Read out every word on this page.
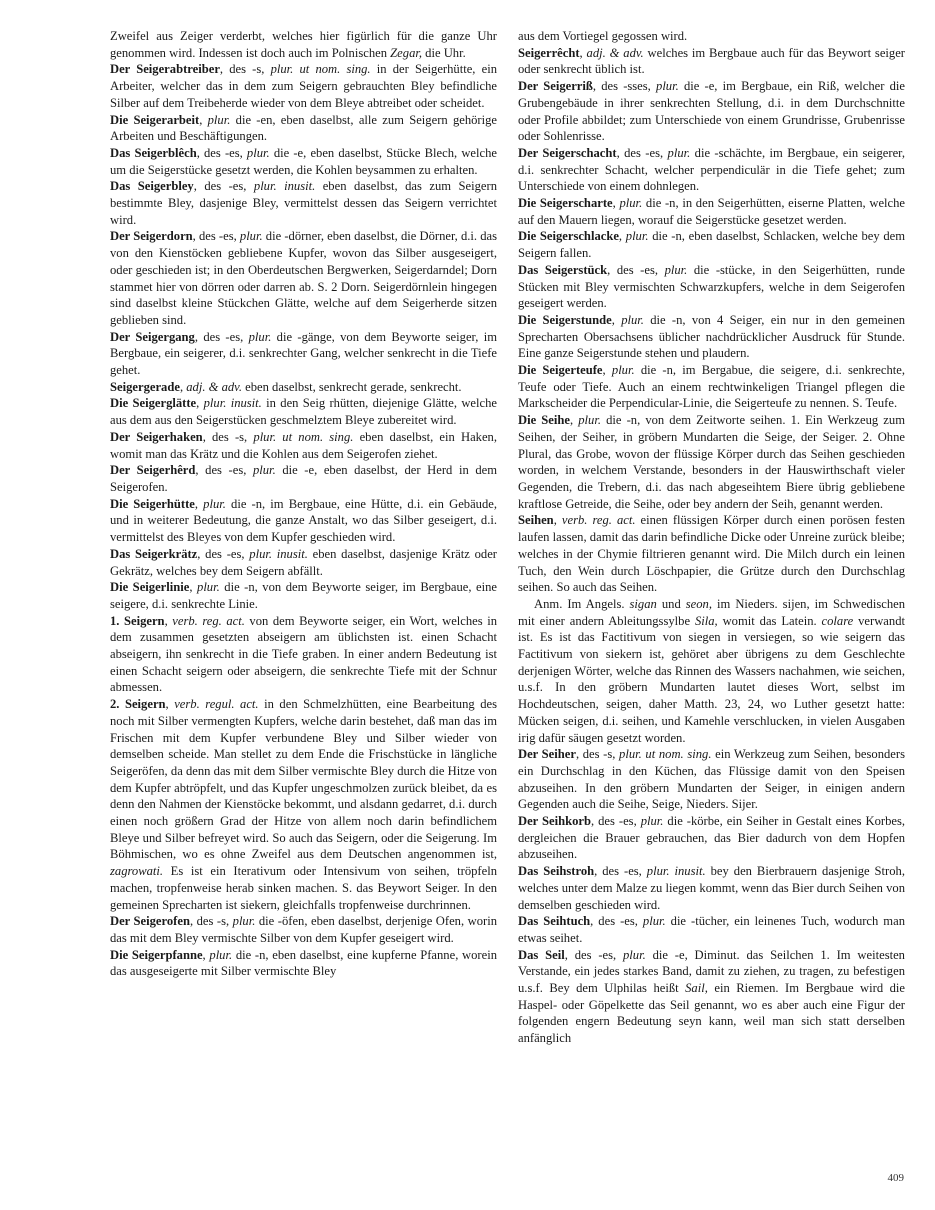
Zweifel aus Zeiger verderbt, welches hier figürlich für die ganze Uhr genommen wird. Indessen ist doch auch im Polnischen Zegar, die Uhr.

Der Seigerabtreiber, des -s, plur. ut nom. sing. in der Seigerhütte, ein Arbeiter, welcher das in dem zum Seigern gebrauchten Bley befindliche Silber auf dem Treibeherde wieder von dem Bleye abtreibet oder scheidet.

Die Seigerarbeit, plur. die -en, eben daselbst, alle zum Seigern gehörige Arbeiten und Beschäftigungen.

Das Seigerblêch, des -es, plur. die -e, eben daselbst, Stücke Blech, welche um die Seigerstücke gesetzt werden, die Kohlen beysammen zu erhalten.

Das Seigerbley, des -es, plur. inusit. eben daselbst, das zum Seigern bestimmte Bley, dasjenige Bley, vermittelst dessen das Seigern verrichtet wird.

Der Seigerdorn, des -es, plur. die -dörner, eben daselbst, die Dörner, d.i. das von den Kienstöcken gebliebene Kupfer, wovon das Silber ausgeseigert, oder geschieden ist; in den Oberdeutschen Bergwerken, Seigerdarndel; Dorn stammet hier von dörren oder darren ab. S. 2 Dorn. Seigerdörnlein hingegen sind daselbst kleine Stückchen Glätte, welche auf dem Seigerherde sitzen geblieben sind.

Der Seigergang, des -es, plur. die -gänge, von dem Beyworte seiger, im Bergbaue, ein seigerer, d.i. senkrechter Gang, welcher senkrecht in die Tiefe gehet.

Seigergerade, adj. & adv. eben daselbst, senkrecht gerade, senkrecht.

Die Seigerglätte, plur. inusit. in den Seig rhütten, diejenige Glätte, welche aus dem aus den Seigerstücken geschmelztem Bleye zubereitet wird.

Der Seigerhaken, des -s, plur. ut nom. sing. eben daselbst, ein Haken, womit man das Krätz und die Kohlen aus dem Seigerofen ziehet.

Der Seigerhêrd, des -es, plur. die -e, eben daselbst, der Herd in dem Seigerofen.

Die Seigerhütte, plur. die -n, im Bergbaue, eine Hütte, d.i. ein Gebäude, und in weiterer Bedeutung, die ganze Anstalt, wo das Silber geseigert, d.i. vermittelst des Bleyes von dem Kupfer geschieden wird.

Das Seigerkrätz, des -es, plur. inusit. eben daselbst, dasjenige Krätz oder Gekrätz, welches bey dem Seigern abfällt.

Die Seigerlinie, plur. die -n, von dem Beyworte seiger, im Bergbaue, eine seigere, d.i. senkrechte Linie.

1. Seigern, verb. reg. act. von dem Beyworte seiger, ein Wort, welches in dem zusammen gesetzten abseigern am üblichsten ist. einen Schacht abseigern, ihn senkrecht in die Tiefe graben. In einer andern Bedeutung ist einen Schacht seigern oder abseigern, die senkrechte Tiefe mit der Schnur abmessen.

2. Seigern, verb. regul. act. in den Schmelzhütten, eine Bearbeitung des noch mit Silber vermengten Kupfers, welche darin bestehet, daß man das im Frischen mit dem Kupfer verbundene Bley und Silber wieder von demselben scheide. Man stellet zu dem Ende die Frischstücke in längliche Seigeröfen, da denn das mit dem Silber vermischte Bley durch die Hitze von dem Kupfer abtröpfelt, und das Kupfer ungeschmolzen zurück bleibet, da es denn den Nahmen der Kienstöcke bekommt, und alsdann gedarret, d.i. durch einen noch größern Grad der Hitze von allem noch darin befindlichem Bleye und Silber befreyet wird. So auch das Seigern, oder die Seigerung. Im Böhmischen, wo es ohne Zweifel aus dem Deutschen angenommen ist, zagrowati. Es ist ein Iterativum oder Intensivum von seihen, tröpfeln machen, tropfenweise herab sinken machen. S. das Beywort Seiger. In den gemeinen Sprecharten ist siekern, gleichfalls tropfenweise durchrinnen.

Der Seigerofen, des -s, plur. die -öfen, eben daselbst, derjenige Ofen, worin das mit dem Bley vermischte Silber von dem Kupfer geseigert wird.

Die Seigerpfanne, plur. die -n, eben daselbst, eine kupferne Pfanne, worein das ausgeseigerte mit Silber vermischte Bley

aus dem Vortiegel gegossen wird.

Seigerrêcht, adj. & adv. welches im Bergbaue auch für das Beywort seiger oder senkrecht üblich ist.

Der Seigerriß, des -sses, plur. die -e, im Bergbaue, ein Riß, welcher die Grubengebäude in ihrer senkrechten Stellung, d.i. in dem Durchschnitte oder Profile abbildet; zum Unterschiede von einem Grundrisse, Grubenrisse oder Sohlenrisse.

Der Seigerschacht, des -es, plur. die -schächte, im Bergbaue, ein seigerer, d.i. senkrechter Schacht, welcher perpendiculär in die Tiefe gehet; zum Unterschiede von einem dohnlegen.

Die Seigerscharte, plur. die -n, in den Seigerhütten, eiserne Platten, welche auf den Mauern liegen, worauf die Seigerstücke gesetzet werden.

Die Seigerschlacke, plur. die -n, eben daselbst, Schlacken, welche bey dem Seigern fallen.

Das Seigerstück, des -es, plur. die -stücke, in den Seigerhütten, runde Stücken mit Bley vermischten Schwarzkupfers, welche in dem Seigerofen geseigert werden.

Die Seigerstunde, plur. die -n, von 4 Seiger, ein nur in den gemeinen Sprecharten Obersachsens üblicher nachdrücklicher Ausdruck für Stunde. Eine ganze Seigerstunde stehen und plaudern.

Die Seigerteufe, plur. die -n, im Bergabue, die seigere, d.i. senkrechte, Teufe oder Tiefe. Auch an einem rechtwinkeligen Triangel pflegen die Markscheider die Perpendicular-Linie, die Seigerteufe zu nennen. S. Teufe.

Die Seihe, plur. die -n, von dem Zeitworte seihen. 1. Ein Werkzeug zum Seihen, der Seiher, in gröbern Mundarten die Seige, der Seiger. 2. Ohne Plural, das Grobe, wovon der flüssige Körper durch das Seihen geschieden worden, in welchem Verstande, besonders in der Hauswirthschaft vieler Gegenden, die Trebern, d.i. das nach abgeseihtem Biere übrig gebliebene kraftlose Getreide, die Seihe, oder bey andern der Seih, genannt werden.

Seihen, verb. reg. act. einen flüssigen Körper durch einen porösen festen laufen lassen, damit das darin befindliche Dicke oder Unreine zurück bleibe; welches in der Chymie filtrieren genannt wird. Die Milch durch ein leinen Tuch, den Wein durch Löschpapier, die Grütze durch den Durchschlag seihen. So auch das Seihen.

Anm. Im Angels. sigan und seon, im Nieders. sijen, im Schwedischen mit einer andern Ableitungssylbe Sila, womit das Latein. colare verwandt ist. Es ist das Factitivum von siegen in versiegen, so wie seigern das Factitivum von siekern ist, gehöret aber übrigens zu dem Geschlechte derjenigen Wörter, welche das Rinnen des Wassers nachahmen, wie seichen, u.s.f. In den gröbern Mundarten lautet dieses Wort, selbst im Hochdeutschen, seigen, daher Matth. 23, 24, wo Luther gesetzt hatte: Mücken seigen, d.i. seihen, und Kamehle verschlucken, in vielen Ausgaben irig dafür säugen gesetzt worden.

Der Seiher, des -s, plur. ut nom. sing. ein Werkzeug zum Seihen, besonders ein Durchschlag in den Küchen, das Flüssige damit von den Speisen abzuseihen. In den gröbern Mundarten der Seiger, in einigen andern Gegenden auch die Seihe, Seige, Nieders. Sijer.

Der Seihkorb, des -es, plur. die -körbe, ein Seiher in Gestalt eines Korbes, dergleichen die Brauer gebrauchen, das Bier dadurch von dem Hopfen abzuseihen.

Das Seihstroh, des -es, plur. inusit. bey den Bierbrauern dasjenige Stroh, welches unter dem Malze zu liegen kommt, wenn das Bier durch Seihen von demselben geschieden wird.

Das Seihtuch, des -es, plur. die -tücher, ein leinenes Tuch, wodurch man etwas seihet.

Das Seil, des -es, plur. die -e, Diminut. das Seilchen 1. Im weitesten Verstande, ein jedes starkes Band, damit zu ziehen, zu tragen, zu befestigen u.s.f. Bey dem Ulphilas heißt Sail, ein Riemen. Im Bergbaue wird die Haspel- oder Göpelkette das Seil genannt, wo es aber auch eine Figur der folgenden engern Bedeutung seyn kann, weil man sich statt derselben anfänglich

409
